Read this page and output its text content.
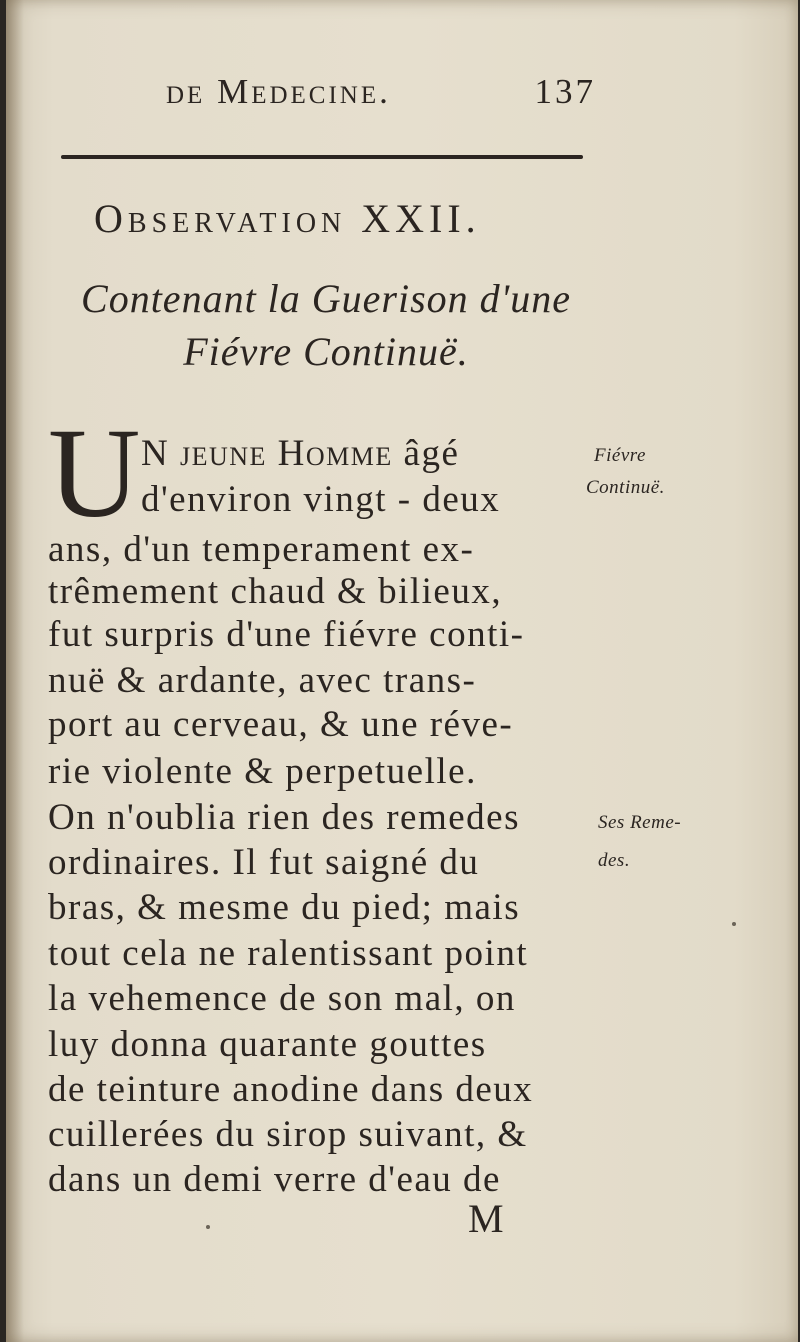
de Medecine.	137
Observation XXII.
Contenant la Guerison d'une
Fiévre Continuë.
U N jeune Homme âgé
d'environ vingt - deux
ans, d'un temperament ex-
trêmement chaud & bilieux,
fut surpris d'une fiévre conti-
nuë & ardante, avec trans-
port au cerveau, & une réve-
rie violente & perpetuelle.
On n'oublia rien des remedes
ordinaires. Il fut saigné du
bras, & mesme du pied; mais
tout cela ne ralentissant point
la vehemence de son mal, on
luy donna quarante gouttes
de teinture anodine dans deux
cuillerées du sirop suivant, &
dans un demi verre d'eau de
M
Fiévre
Continuë.
Ses Reme-
des.
